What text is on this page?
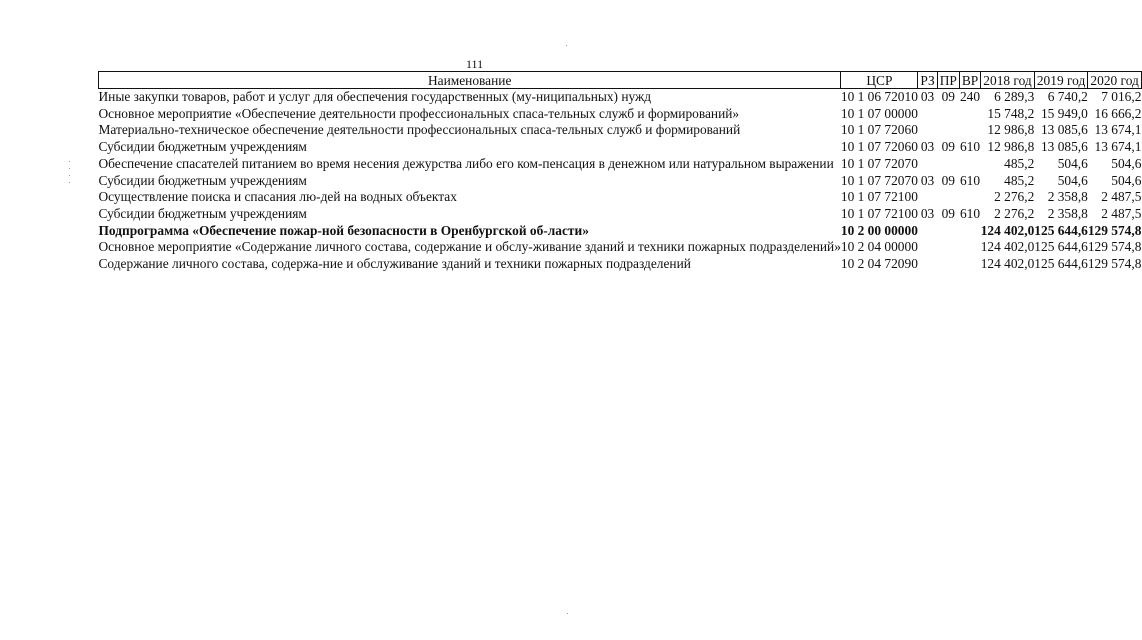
111
Наименование	ЦСР	РЗ	ПР	ВР	2018 год	2019 год	2020 год
Иные закупки товаров, работ и услуг для обеспечения государственных (му-ниципальных) нужд	10 1 06 72010	03	09	240	6 289,3	6 740,2	7 016,2
Основное мероприятие «Обеспечение деятельности профессиональных спаса-тельных служб и формирований»	10 1 07 00000				15 748,2	15 949,0	16 666,2
Материально-техническое обеспечение деятельности профессиональных спаса-тельных служб и формирований	10 1 07 72060				12 986,8	13 085,6	13 674,1
Субсидии бюджетным учреждениям	10 1 07 72060	03	09	610	12 986,8	13 085,6	13 674,1
Обеспечение спасателей питанием во время несения дежурства либо его ком-пенсация в денежном или натуральном выражении	10 1 07 72070				485,2	504,6	504,6
Субсидии бюджетным учреждениям	10 1 07 72070	03	09	610	485,2	504,6	504,6
Осуществление поиска и спасания лю-дей на водных объектах	10 1 07 72100				2 276,2	2 358,8	2 487,5
Субсидии бюджетным учреждениям	10 1 07 72100	03	09	610	2 276,2	2 358,8	2 487,5
Подпрограмма «Обеспечение пожар-ной безопасности в Оренбургской об-ласти»	10 2 00 00000				124 402,0	125 644,6	129 574,8
Основное мероприятие «Содержание личного состава, содержание и обслу-живание зданий и техники пожарных подразделений»	10 2 04 00000				124 402,0	125 644,6	129 574,8
Содержание личного состава, содержа-ние и обслуживание зданий и техники пожарных подразделений	10 2 04 72090				124 402,0	125 644,6	129 574,8
